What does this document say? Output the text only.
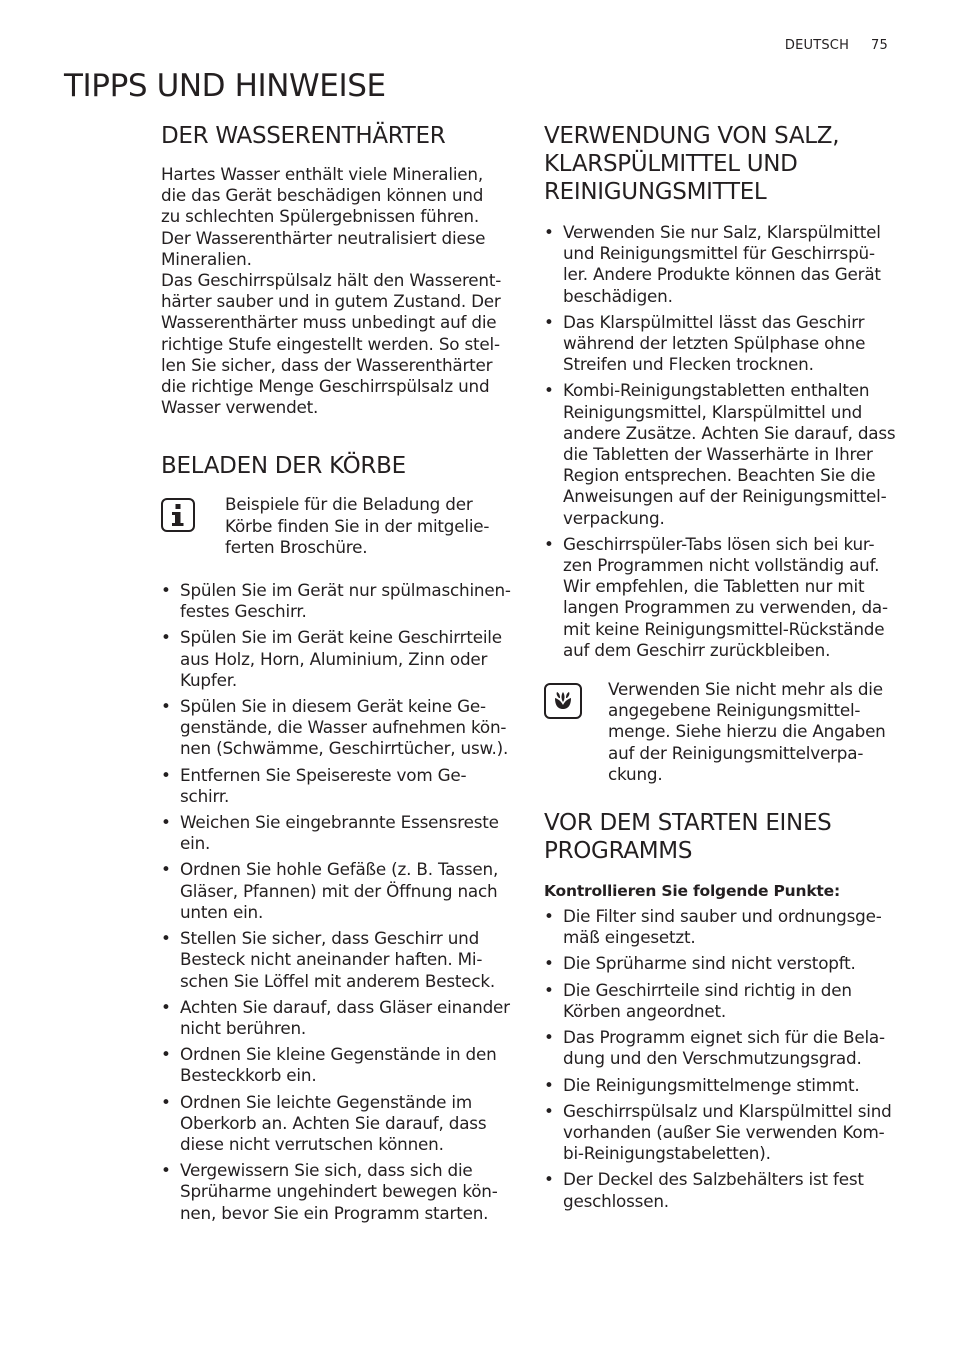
DEUTSCH 75
TIPPS UND HINWEISE
DER WASSERENTHÄRTER

Hartes Wasser enthält viele Mineralien,

die das Gerät beschädigen können und

zu schlechten Spülergebnissen führen.

Der Wasserenthärter neutralisiert diese

Mineralien.

Das Geschirrspülsalz hält den Wasserent-

härter sauber und in gutem Zustand. Der

Wasserenthärter muss unbedingt auf die

richtige Stufe eingestellt werden. So stel-

len Sie sicher, dass der Wasserenthärter

die richtige Menge Geschirrspülsalz und

Wasser verwendet.

BELADEN DER KÖRBE

Beispiele für die Beladung der Körbe finden Sie in der mitgelie- ferten Broschüre.

• Spülen Sie im Gerät nur spülmaschinen- festes Geschirr.
• Spülen Sie im Gerät keine Geschirrteile aus Holz, Horn, Aluminium, Zinn oder Kupfer.
• Spülen Sie in diesem Gerät keine Ge- genstände, die Wasser aufnehmen kön- nen (Schwämme, Geschirrtücher, usw.).
• Entfernen Sie Speisereste vom Ge- schirr.
• Weichen Sie eingebrannte Essensreste ein.
• Ordnen Sie hohle Gefäße (z. B. Tassen, Gläser, Pfannen) mit der Öffnung nach unten ein.
• Stellen Sie sicher, dass Geschirr und Besteck nicht aneinander haften. Mi- schen Sie Löffel mit anderem Besteck.
• Achten Sie darauf, dass Gläser einander nicht berühren.
• Ordnen Sie kleine Gegenstände in den Besteckkorb ein.
• Ordnen Sie leichte Gegenstände im Oberkorb an. Achten Sie darauf, dass diese nicht verrutschen können.
• Vergewissern Sie sich, dass sich die Sprüharme ungehindert bewegen kön- nen, bevor Sie ein Programm starten.
VERWENDUNG VON SALZ,
KLARSPÜLMITTEL UND
REINIGUNGSMITTEL
• Verwenden Sie nur Salz, Klarspülmittel und Reinigungsmittel für Geschirrspü- ler. Andere Produkte können das Gerät beschädigen.
• Das Klarspülmittel lässt das Geschirr während der letzten Spülphase ohne Streifen und Flecken trocknen.
• Kombi-Reinigungstabletten enthalten Reinigungsmittel, Klarspülmittel und andere Zusätze. Achten Sie darauf, dass die Tabletten der Wasserhärte in Ihrer Region entsprechen. Beachten Sie die Anweisungen auf der Reinigungsmittel- verpackung.
• Geschirrspüler-Tabs lösen sich bei kur- zen Programmen nicht vollständig auf. Wir empfehlen, die Tabletten nur mit langen Programmen zu verwenden, da- mit keine Reinigungsmittel-Rückstände auf dem Geschirr zurückbleiben.

Verwenden Sie nicht mehr als die angegebene Reinigungsmittel- menge. Siehe hierzu die Angaben auf der Reinigungsmittelverpa- ckung.

VOR DEM STARTEN EINES
PROGRAMMS

Kontrollieren Sie folgende Punkte:

• Die Filter sind sauber und ordnungsge- mäß eingesetzt.
• Die Sprüharme sind nicht verstopft.
• Die Geschirrteile sind richtig in den Körben angeordnet.
• Das Programm eignet sich für die Bela- dung und den Verschmutzungsgrad.
• Die Reinigungsmittelmenge stimmt.
• Geschirrspülsalz und Klarspülmittel sind vorhanden (außer Sie verwenden Kom- bi-Reinigungstabeletten).
• Der Deckel des Salzbehälters ist fest geschlossen.
